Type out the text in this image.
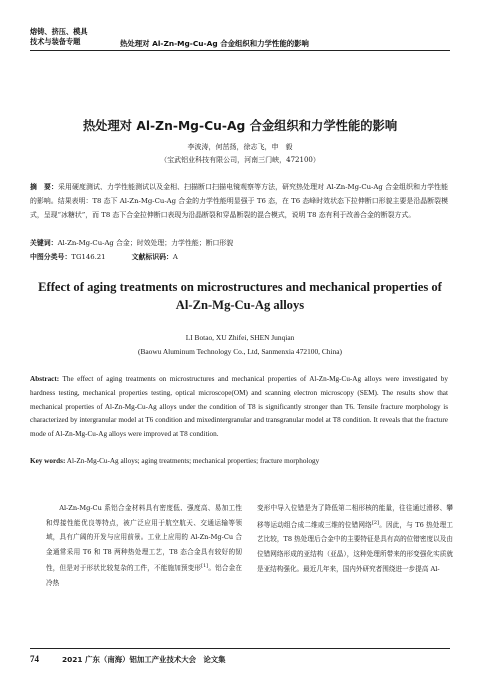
熔铸、挤压、模具
技术与装备专题	热处理对 Al-Zn-Mg-Cu-Ag 合金组织和力学性能的影响
热处理对 Al-Zn-Mg-Cu-Ag 合金组织和力学性能的影响
李波涛，何茁扬，徐志飞，申　毅
（宝武铝业科技有限公司，河南三门峡，472100）
摘　要：采用硬度测试、力学性能测试以及金相、扫描断口扫描电镜观察等方法，研究热处理对 Al-Zn-Mg-Cu-Ag 合金组织和力学性能的影响。结果表明：T8 态下 Al-Zn-Mg-Cu-Ag 合金的力学性能明显强于 T6 态，在 T6 态峰时效状态下拉伸断口形貌主要是沿晶断裂模式，呈现“冰糖状”，而 T8 态下合金拉伸断口表现为沿晶断裂和穿晶断裂的混合模式，说明 T8 态有利于改善合金的断裂方式。
关键词：Al-Zn-Mg-Cu-Ag 合金；时效处理；力学性能；断口形貌
中图分类号：TG146.21	文献标识码：A
Effect of aging treatments on microstructures and mechanical properties of Al-Zn-Mg-Cu-Ag alloys
LI Botao, XU Zhifei, SHEN Junqian
(Baowu Aluminum Technology Co., Ltd, Sanmenxia 472100, China)
Abstract: The effect of aging treatments on microstructures and mechanical properties of Al-Zn-Mg-Cu-Ag alloys were investigated by hardness testing, mechanical properties testing, optical microscope(OM) and scanning electron microscopy (SEM). The results show that mechanical properties of Al-Zn-Mg-Cu-Ag alloys under the condition of T8 is significantly stronger than T6. Tensile fracture morphology is characterized by intergranular model at T6 condition and mixedintergranular and transgranular model at T8 condition. It reveals that the fracture mode of Al-Zn-Mg-Cu-Ag alloys were improved at T8 condition.
Key words: Al-Zn-Mg-Cu-Ag alloys; aging treatments; mechanical properties; fracture morphology

Al-Zn-Mg-Cu 系铝合金材料具有密度低、强度高、易加工性和焊接性能优良等特点，被广泛应用于航空航天、交通运输等领域，具有广阔的开发与应用前景。工业上应用的 Al-Zn-Mg-Cu 合金通常采用 T6 和 T8 两种热处理工艺，T8 态合金具有较好的韧性，但是对于形状比较复杂的工件，不能施加预变形[1]。铝合金在冷热

变形中导入位错是为了降低第二相形核的能量，往往通过滑移、攀移等运动组合成二维或三维的位错网络[2]。因此，与 T6 热处理工艺比较，T8 热处理后合金中的主要特征是具有高的位错密度以及由位错网络形成的亚结构（亚晶），这种处理所带来的形变强化实质就是亚结构强化。最近几年来，国内外研究者围绕进一步提高 Al-

74	2021 广东（南海）铝加工产业技术大会　论文集
